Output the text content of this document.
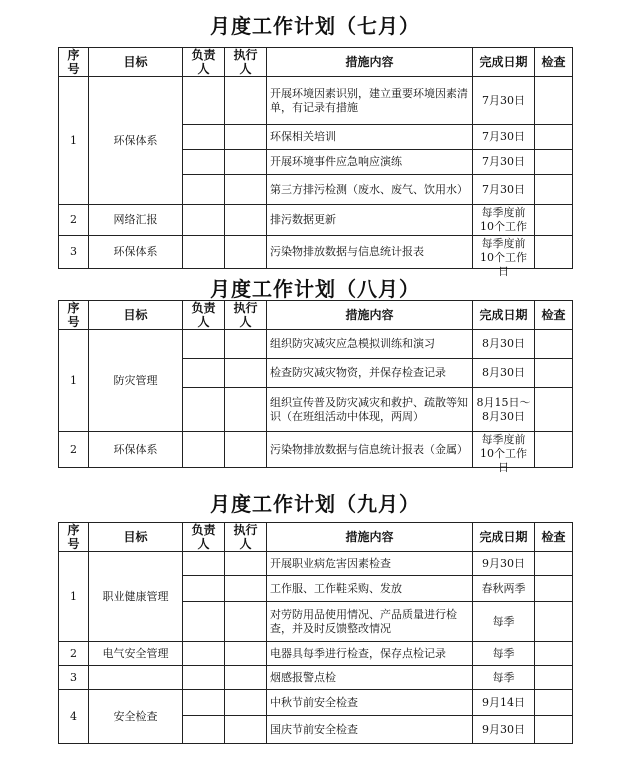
月度工作计划（七月）
序号	目标	负责人	执行人	措施内容	完成日期	检查
1	环保体系			开展环境因素识别，建立重要环境因素清单，有记录有措施	7月30日	
				环保相关培训	7月30日	
				开展环境事件应急响应演练	7月30日	
				第三方排污检测（废水、废气、饮用水）	7月30日	
2	网络汇报			排污数据更新	每季度前10个工作	

3	环保体系			污染物排放数据与信息统计报表	每季度前10个工作日	

月度工作计划（八月）
序号	目标	负责人	执行人	措施内容	完成日期	检查
1	防灾管理			组织防灾减灾应急模拟训练和演习	8月30日	
				检查防灾减灾物资，并保存检查记录	8月30日	
				组织宣传普及防灾减灾和救护、疏散等知识（在班组活动中体现，两周）	8月15日～8月30日	
2	环保体系			污染物排放数据与信息统计报表（金属）	每季度前10个工作日	

月度工作计划（九月）
序号	目标	负责人	执行人	措施内容	完成日期	检查
1	职业健康管理			开展职业病危害因素检查	9月30日	
				工作服、工作鞋采购、发放	春秋两季	
				对劳防用品使用情况、产品质量进行检查，并及时反馈整改情况	每季	
2	电气安全管理			电器具每季进行检查，保存点检记录	每季	
3				烟感报警点检	每季	
4	安全检查			中秋节前安全检查	9月14日	
				国庆节前安全检查	9月30日	
